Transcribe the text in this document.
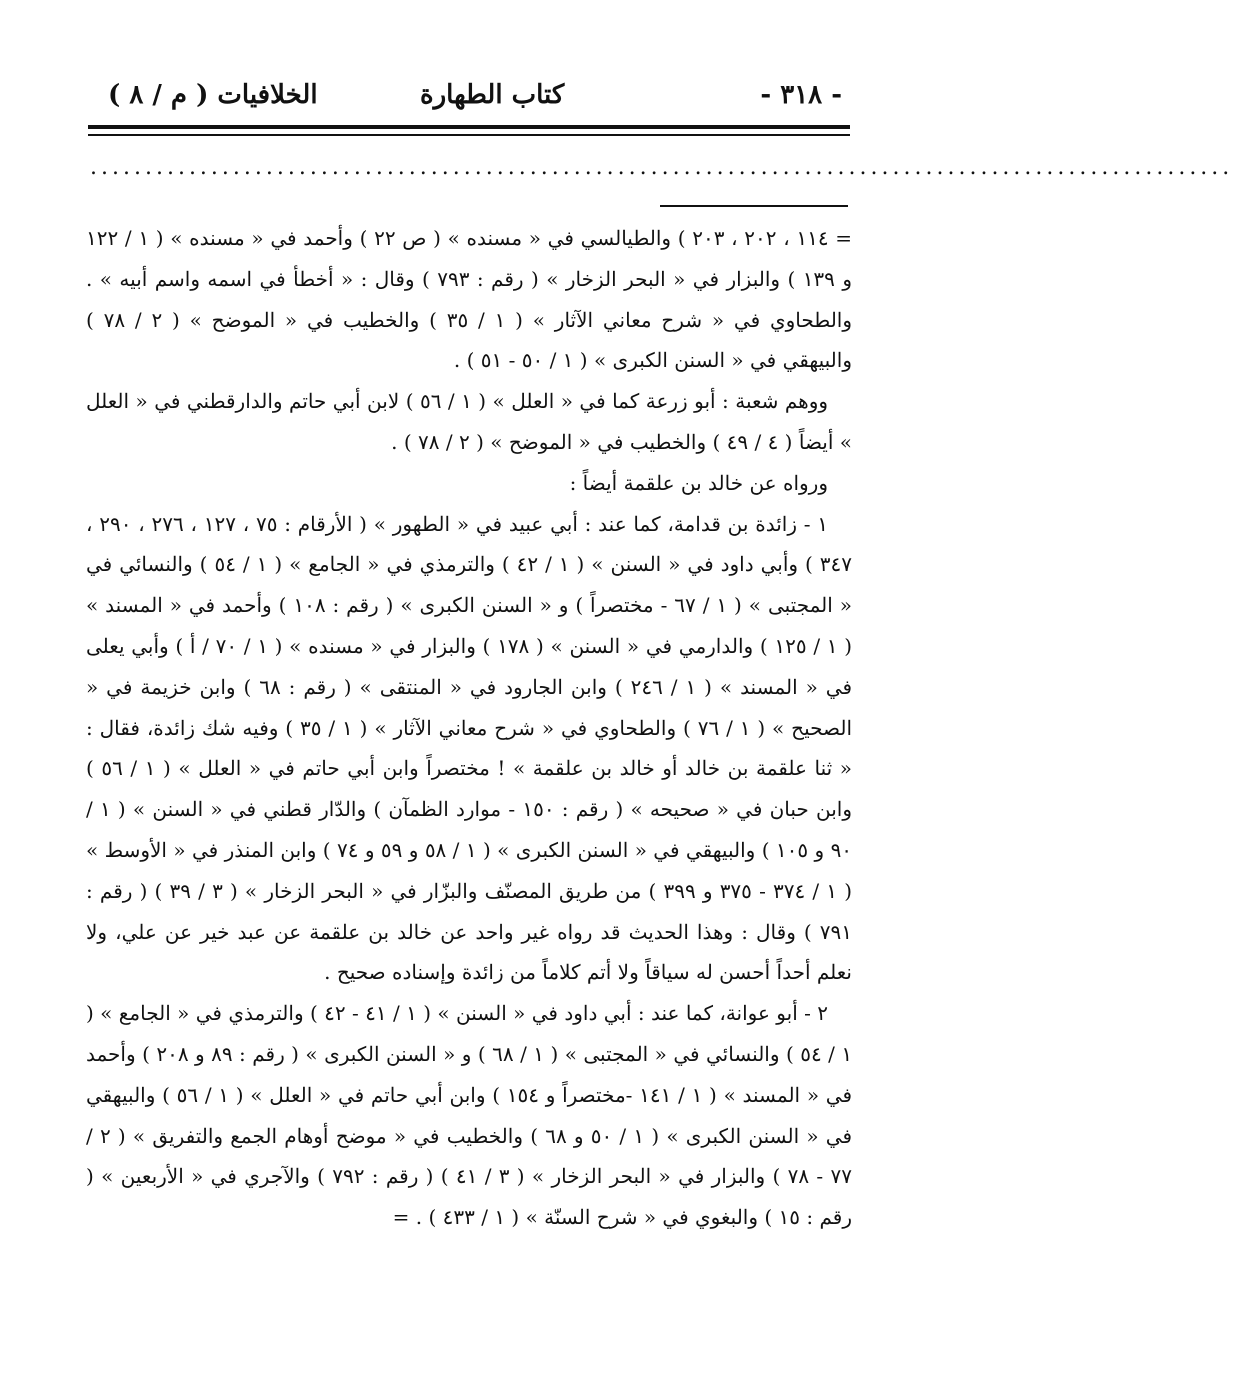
الخلافيات ( م / ٨ )	كتاب الطهارة	- ٣١٨ -
........................................................................................................

= ١١٤ ، ٢٠٢ ، ٢٠٣ ) والطيالسي في « مسنده » ( ص ٢٢ ) وأحمد في « مسنده » ( ١ / ١٢٢ و ١٣٩ ) والبزار في « البحر الزخار » ( رقم : ٧٩٣ ) وقال : « أخطأ في اسمه واسم أبيه » . والطحاوي في « شرح معاني الآثار » ( ١ / ٣٥ ) والخطيب في « الموضح » ( ٢ / ٧٨ ) والبيهقي في « السنن الكبرى » ( ١ / ٥٠ - ٥١ ) .

ووهم شعبة : أبو زرعة كما في « العلل » ( ١ / ٥٦ ) لابن أبي حاتم والدارقطني في « العلل » أيضاً ( ٤ / ٤٩ ) والخطيب في « الموضح » ( ٢ / ٧٨ ) .

ورواه عن خالد بن علقمة أيضاً :

١ - زائدة بن قدامة، كما عند : أبي عبيد في « الطهور » ( الأرقام : ٧٥ ، ١٢٧ ، ٢٧٦ ، ٢٩٠ ، ٣٤٧ ) وأبي داود في « السنن » ( ١ / ٤٢ ) والترمذي في « الجامع » ( ١ / ٥٤ ) والنسائي في « المجتبى » ( ١ / ٦٧ - مختصراً ) و « السنن الكبرى » ( رقم : ١٠٨ ) وأحمد في « المسند » ( ١ / ١٢٥ ) والدارمي في « السنن » ( ١٧٨ ) والبزار في « مسنده » ( ١ / ٧٠ / أ ) وأبي يعلى في « المسند » ( ١ / ٢٤٦ ) وابن الجارود في « المنتقى » ( رقم : ٦٨ ) وابن خزيمة في « الصحيح » ( ١ / ٧٦ ) والطحاوي في « شرح معاني الآثار » ( ١ / ٣٥ ) وفيه شك زائدة، فقال : « ثنا علقمة بن خالد أو خالد بن علقمة » ! مختصراً وابن أبي حاتم في « العلل » ( ١ / ٥٦ ) وابن حبان في « صحيحه » ( رقم : ١٥٠ - موارد الظمآن ) والدّار قطني في « السنن » ( ١ / ٩٠ و ١٠٥ ) والبيهقي في « السنن الكبرى » ( ١ / ٥٨ و ٥٩ و ٧٤ ) وابن المنذر في « الأوسط » ( ١ / ٣٧٤ - ٣٧٥ و ٣٩٩ ) من طريق المصنّف والبزّار في « البحر الزخار » ( ٣ / ٣٩ ) ( رقم : ٧٩١ ) وقال : وهذا الحديث قد رواه غير واحد عن خالد بن علقمة عن عبد خير عن علي، ولا نعلم أحداً أحسن له سياقاً ولا أتم كلاماً من زائدة وإسناده صحيح .

٢ - أبو عوانة، كما عند : أبي داود في « السنن » ( ١ / ٤١ - ٤٢ ) والترمذي في « الجامع » ( ١ / ٥٤ ) والنسائي في « المجتبى » ( ١ / ٦٨ ) و « السنن الكبرى » ( رقم : ٨٩ و ٢٠٨ ) وأحمد في « المسند » ( ١ / ١٤١ -مختصراً و ١٥٤ ) وابن أبي حاتم في « العلل » ( ١ / ٥٦ ) والبيهقي في « السنن الكبرى » ( ١ / ٥٠ و ٦٨ ) والخطيب في « موضح أوهام الجمع والتفريق » ( ٢ / ٧٧ - ٧٨ ) والبزار في « البحر الزخار » ( ٣ / ٤١ ) ( رقم : ٧٩٢ ) والآجري في « الأربعين » ( رقم : ١٥ ) والبغوي في « شرح السنّة » ( ١ / ٤٣٣ ) . =
